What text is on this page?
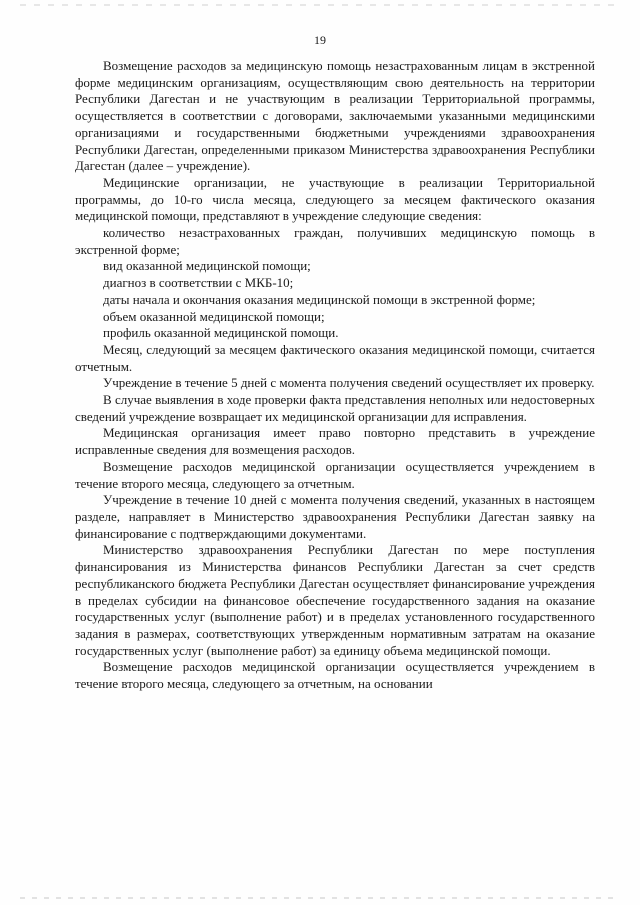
19

Возмещение расходов за медицинскую помощь незастрахованным лицам в экстренной форме медицинским организациям, осуществляющим свою деятельность на территории Республики Дагестан и не участвующим в реализации Территориальной программы, осуществляется в соответствии с договорами, заключаемыми указанными медицинскими организациями и государственными бюджетными учреждениями здравоохранения Республики Дагестан, определенными приказом Министерства здравоохранения Республики Дагестан (далее – учреждение).

Медицинские организации, не участвующие в реализации Территориальной программы, до 10-го числа месяца, следующего за месяцем фактического оказания медицинской помощи, представляют в учреждение следующие сведения:

количество незастрахованных граждан, получивших медицинскую помощь в экстренной форме;

вид оказанной медицинской помощи;

диагноз в соответствии с МКБ-10;

даты начала и окончания оказания медицинской помощи в экстренной форме;

объем оказанной медицинской помощи;

профиль оказанной медицинской помощи.

Месяц, следующий за месяцем фактического оказания медицинской помощи, считается отчетным.

Учреждение в течение 5 дней с момента получения сведений осуществляет их проверку.

В случае выявления в ходе проверки факта представления неполных или недостоверных сведений учреждение возвращает их медицинской организации для исправления.

Медицинская организация имеет право повторно представить в учреждение исправленные сведения для возмещения расходов.

Возмещение расходов медицинской организации осуществляется учреждением в течение второго месяца, следующего за отчетным.

Учреждение в течение 10 дней с момента получения сведений, указанных в настоящем разделе, направляет в Министерство здравоохранения Республики Дагестан заявку на финансирование с подтверждающими документами.

Министерство здравоохранения Республики Дагестан по мере поступления финансирования из Министерства финансов Республики Дагестан за счет средств республиканского бюджета Республики Дагестан осуществляет финансирование учреждения в пределах субсидии на финансовое обеспечение государственного задания на оказание государственных услуг (выполнение работ) и в пределах установленного государственного задания в размерах, соответствующих утвержденным нормативным затратам на оказание государственных услуг (выполнение работ) за единицу объема медицинской помощи.

Возмещение расходов медицинской организации осуществляется учреждением в течение второго месяца, следующего за отчетным, на основании
